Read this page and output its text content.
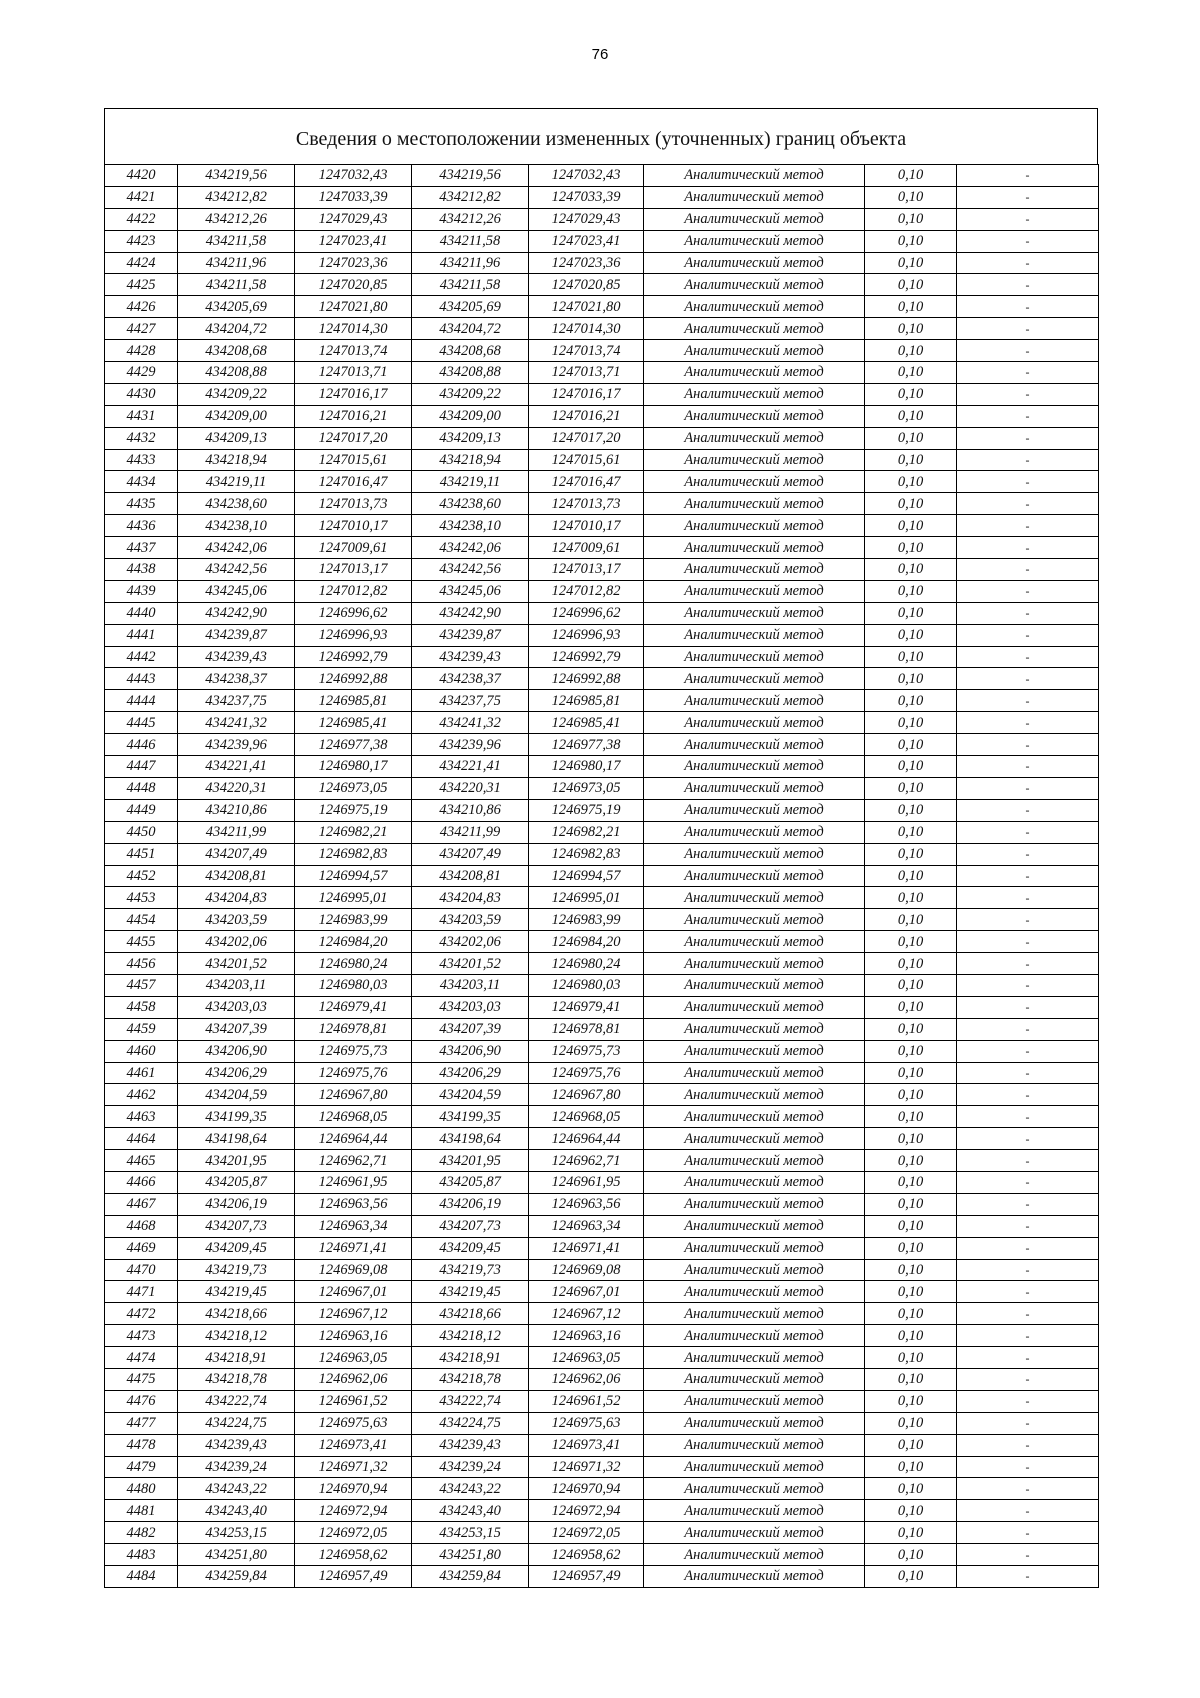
76
Сведения о местоположении измененных (уточненных) границ объекта
4420	434219,56	1247032,43	434219,56	1247032,43	Аналитический метод	0,10	-
4421	434212,82	1247033,39	434212,82	1247033,39	Аналитический метод	0,10	-
4422	434212,26	1247029,43	434212,26	1247029,43	Аналитический метод	0,10	-
4423	434211,58	1247023,41	434211,58	1247023,41	Аналитический метод	0,10	-
4424	434211,96	1247023,36	434211,96	1247023,36	Аналитический метод	0,10	-
4425	434211,58	1247020,85	434211,58	1247020,85	Аналитический метод	0,10	-
4426	434205,69	1247021,80	434205,69	1247021,80	Аналитический метод	0,10	-
4427	434204,72	1247014,30	434204,72	1247014,30	Аналитический метод	0,10	-
4428	434208,68	1247013,74	434208,68	1247013,74	Аналитический метод	0,10	-
4429	434208,88	1247013,71	434208,88	1247013,71	Аналитический метод	0,10	-
4430	434209,22	1247016,17	434209,22	1247016,17	Аналитический метод	0,10	-
4431	434209,00	1247016,21	434209,00	1247016,21	Аналитический метод	0,10	-
4432	434209,13	1247017,20	434209,13	1247017,20	Аналитический метод	0,10	-
4433	434218,94	1247015,61	434218,94	1247015,61	Аналитический метод	0,10	-
4434	434219,11	1247016,47	434219,11	1247016,47	Аналитический метод	0,10	-
4435	434238,60	1247013,73	434238,60	1247013,73	Аналитический метод	0,10	-
4436	434238,10	1247010,17	434238,10	1247010,17	Аналитический метод	0,10	-
4437	434242,06	1247009,61	434242,06	1247009,61	Аналитический метод	0,10	-
4438	434242,56	1247013,17	434242,56	1247013,17	Аналитический метод	0,10	-
4439	434245,06	1247012,82	434245,06	1247012,82	Аналитический метод	0,10	-
4440	434242,90	1246996,62	434242,90	1246996,62	Аналитический метод	0,10	-
4441	434239,87	1246996,93	434239,87	1246996,93	Аналитический метод	0,10	-
4442	434239,43	1246992,79	434239,43	1246992,79	Аналитический метод	0,10	-
4443	434238,37	1246992,88	434238,37	1246992,88	Аналитический метод	0,10	-
4444	434237,75	1246985,81	434237,75	1246985,81	Аналитический метод	0,10	-
4445	434241,32	1246985,41	434241,32	1246985,41	Аналитический метод	0,10	-
4446	434239,96	1246977,38	434239,96	1246977,38	Аналитический метод	0,10	-
4447	434221,41	1246980,17	434221,41	1246980,17	Аналитический метод	0,10	-
4448	434220,31	1246973,05	434220,31	1246973,05	Аналитический метод	0,10	-
4449	434210,86	1246975,19	434210,86	1246975,19	Аналитический метод	0,10	-
4450	434211,99	1246982,21	434211,99	1246982,21	Аналитический метод	0,10	-
4451	434207,49	1246982,83	434207,49	1246982,83	Аналитический метод	0,10	-
4452	434208,81	1246994,57	434208,81	1246994,57	Аналитический метод	0,10	-
4453	434204,83	1246995,01	434204,83	1246995,01	Аналитический метод	0,10	-
4454	434203,59	1246983,99	434203,59	1246983,99	Аналитический метод	0,10	-
4455	434202,06	1246984,20	434202,06	1246984,20	Аналитический метод	0,10	-
4456	434201,52	1246980,24	434201,52	1246980,24	Аналитический метод	0,10	-
4457	434203,11	1246980,03	434203,11	1246980,03	Аналитический метод	0,10	-
4458	434203,03	1246979,41	434203,03	1246979,41	Аналитический метод	0,10	-
4459	434207,39	1246978,81	434207,39	1246978,81	Аналитический метод	0,10	-
4460	434206,90	1246975,73	434206,90	1246975,73	Аналитический метод	0,10	-
4461	434206,29	1246975,76	434206,29	1246975,76	Аналитический метод	0,10	-
4462	434204,59	1246967,80	434204,59	1246967,80	Аналитический метод	0,10	-
4463	434199,35	1246968,05	434199,35	1246968,05	Аналитический метод	0,10	-
4464	434198,64	1246964,44	434198,64	1246964,44	Аналитический метод	0,10	-
4465	434201,95	1246962,71	434201,95	1246962,71	Аналитический метод	0,10	-
4466	434205,87	1246961,95	434205,87	1246961,95	Аналитический метод	0,10	-
4467	434206,19	1246963,56	434206,19	1246963,56	Аналитический метод	0,10	-
4468	434207,73	1246963,34	434207,73	1246963,34	Аналитический метод	0,10	-
4469	434209,45	1246971,41	434209,45	1246971,41	Аналитический метод	0,10	-
4470	434219,73	1246969,08	434219,73	1246969,08	Аналитический метод	0,10	-
4471	434219,45	1246967,01	434219,45	1246967,01	Аналитический метод	0,10	-
4472	434218,66	1246967,12	434218,66	1246967,12	Аналитический метод	0,10	-
4473	434218,12	1246963,16	434218,12	1246963,16	Аналитический метод	0,10	-
4474	434218,91	1246963,05	434218,91	1246963,05	Аналитический метод	0,10	-
4475	434218,78	1246962,06	434218,78	1246962,06	Аналитический метод	0,10	-
4476	434222,74	1246961,52	434222,74	1246961,52	Аналитический метод	0,10	-
4477	434224,75	1246975,63	434224,75	1246975,63	Аналитический метод	0,10	-
4478	434239,43	1246973,41	434239,43	1246973,41	Аналитический метод	0,10	-
4479	434239,24	1246971,32	434239,24	1246971,32	Аналитический метод	0,10	-
4480	434243,22	1246970,94	434243,22	1246970,94	Аналитический метод	0,10	-
4481	434243,40	1246972,94	434243,40	1246972,94	Аналитический метод	0,10	-
4482	434253,15	1246972,05	434253,15	1246972,05	Аналитический метод	0,10	-
4483	434251,80	1246958,62	434251,80	1246958,62	Аналитический метод	0,10	-
4484	434259,84	1246957,49	434259,84	1246957,49	Аналитический метод	0,10	-
